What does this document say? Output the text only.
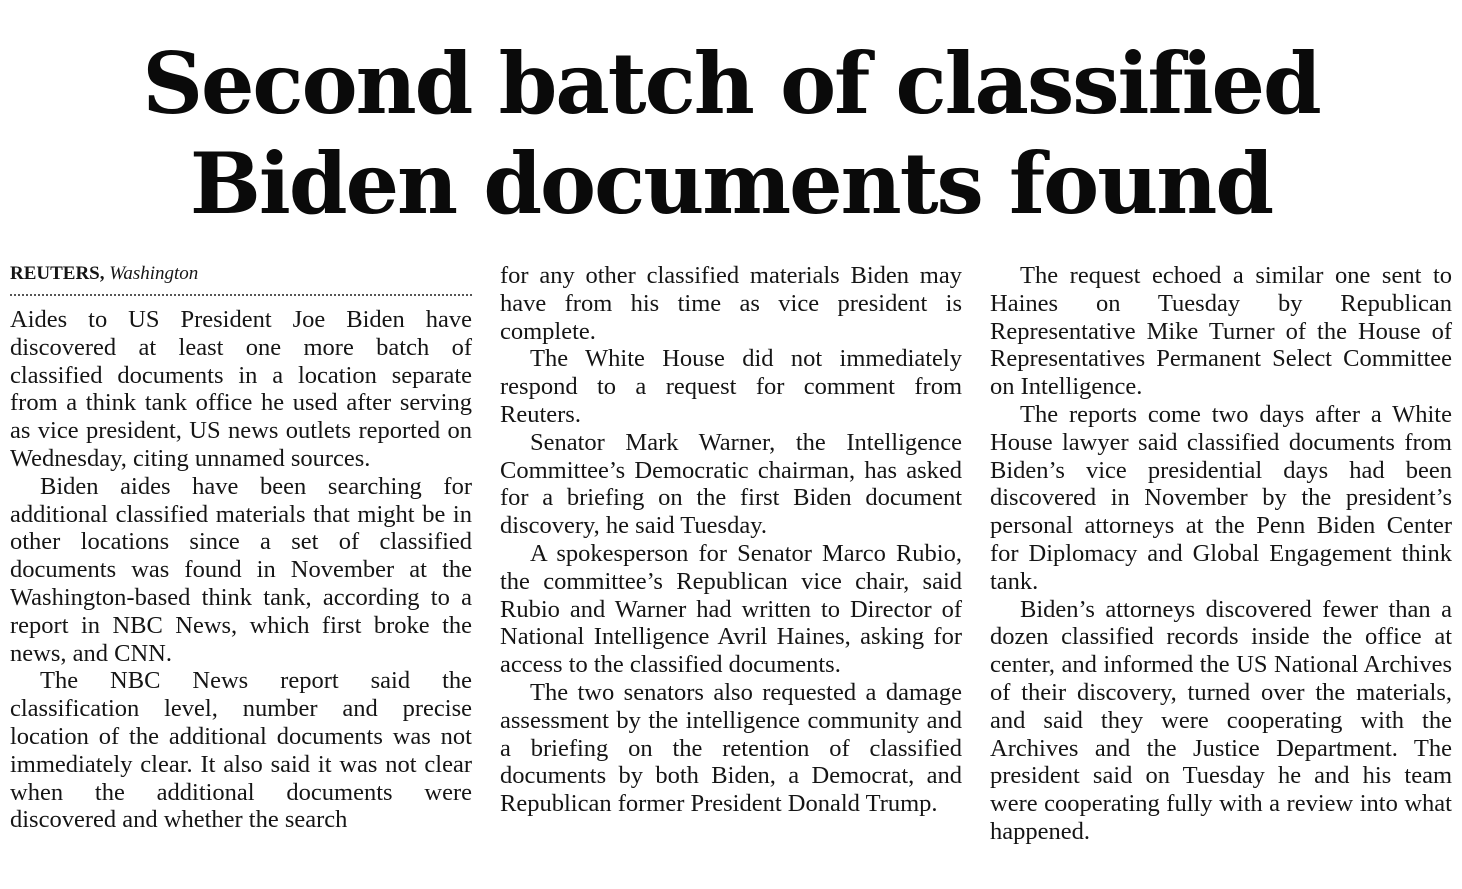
Second batch of classified
Biden documents found
REUTERS, Washington

Aides to US President Joe Biden have discovered at least one more batch of classified documents in a location separate from a think tank office he used after serving as vice president, US news outlets reported on Wednesday, citing unnamed sources.

Biden aides have been searching for additional classified materials that might be in other locations since a set of classified documents was found in November at the Washington-based think tank, according to a report in NBC News, which first broke the news, and CNN.

The NBC News report said the classification level, number and precise location of the additional documents was not immediately clear. It also said it was not clear when the additional documents were discovered and whether the search

for any other classified materials Biden may have from his time as vice president is complete.

The White House did not immediately respond to a request for comment from Reuters.

Senator Mark Warner, the Intelligence Committee’s Democratic chairman, has asked for a briefing on the first Biden document discovery, he said Tuesday.

A spokesperson for Senator Marco Rubio, the committee’s Republican vice chair, said Rubio and Warner had written to Director of National Intelligence Avril Haines, asking for access to the classified documents.

The two senators also requested a damage assessment by the intelligence community and a briefing on the retention of classified documents by both Biden, a Democrat, and Republican former President Donald Trump.

The request echoed a similar one sent to Haines on Tuesday by Republican Representative Mike Turner of the House of Representatives Permanent Select Committee on Intelligence.

The reports come two days after a White House lawyer said classified documents from Biden’s vice presidential days had been discovered in November by the president’s personal attorneys at the Penn Biden Center for Diplomacy and Global Engagement think tank.

Biden’s attorneys discovered fewer than a dozen classified records inside the office at center, and informed the US National Archives of their discovery, turned over the materials, and said they were cooperating with the Archives and the Justice Department. The president said on Tuesday he and his team were cooperating fully with a review into what happened.
